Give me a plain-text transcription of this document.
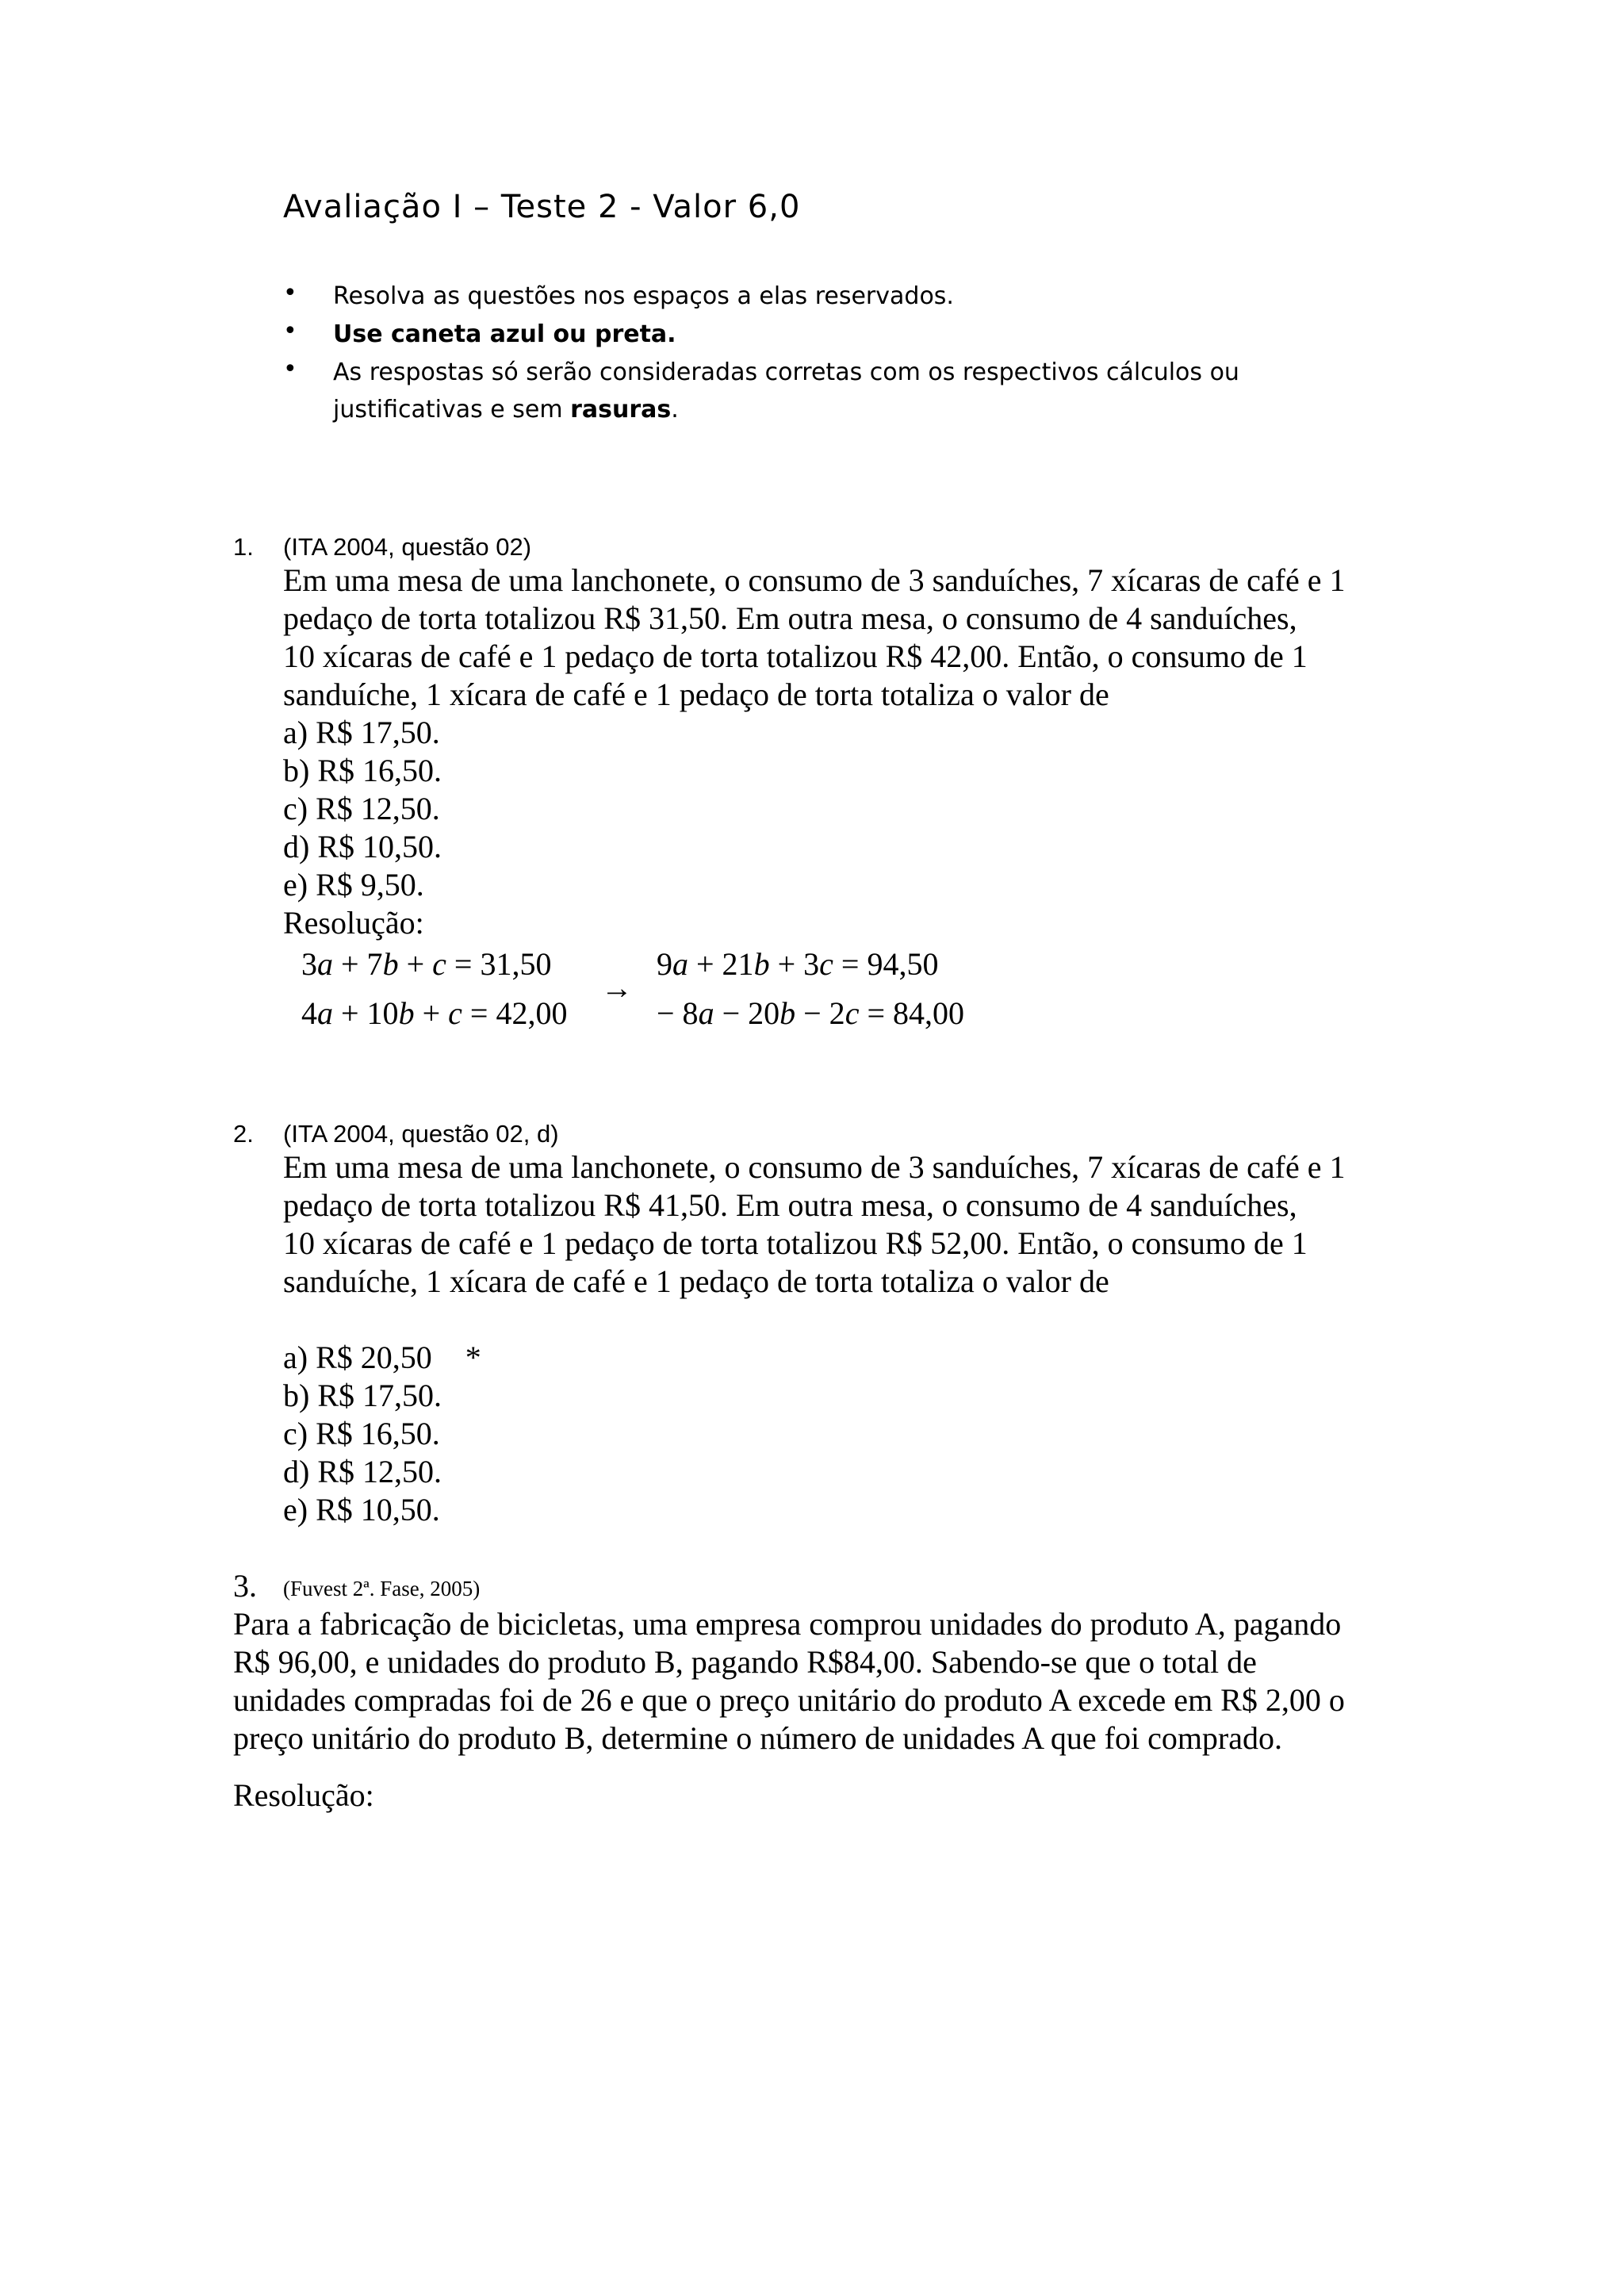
Avaliação I – Teste 2 - Valor 6,0
• Resolva as questões nos espaços a elas reservados.
• Use caneta azul ou preta.
• As respostas só serão consideradas corretas com os respectivos cálculos ou
justificativas e sem rasuras.
1. (ITA 2004, questão 02)
Em uma mesa de uma lanchonete, o consumo de 3 sanduíches, 7 xícaras de café e 1
pedaço de torta totalizou R$ 31,50. Em outra mesa, o consumo de 4 sanduíches,
10 xícaras de café e 1 pedaço de torta totalizou R$ 42,00. Então, o consumo de 1
sanduíche, 1 xícara de café e 1 pedaço de torta totaliza o valor de
a) R$ 17,50.
b) R$ 16,50.
c) R$ 12,50.
d) R$ 10,50.
e) R$ 9,50.
Resolução:
3a + 7b + c = 31,50
4a + 10b + c = 42,00
→
9a + 21b + 3c = 94,50
− 8a − 20b − 2c = 84,00
2. (ITA 2004, questão 02, d)
Em uma mesa de uma lanchonete, o consumo de 3 sanduíches, 7 xícaras de café e 1
pedaço de torta totalizou R$ 41,50. Em outra mesa, o consumo de 4 sanduíches,
10 xícaras de café e 1 pedaço de torta totalizou R$ 52,00. Então, o consumo de 1
sanduíche, 1 xícara de café e 1 pedaço de torta totaliza o valor de
a) R$ 20,50 *
b) R$ 17,50.
c) R$ 16,50.
d) R$ 12,50.
e) R$ 10,50.
3. (Fuvest 2ª. Fase, 2005)
Para a fabricação de bicicletas, uma empresa comprou unidades do produto A, pagando
R$ 96,00, e unidades do produto B, pagando R$84,00. Sabendo-se que o total de
unidades compradas foi de 26 e que o preço unitário do produto A excede em R$ 2,00 o
preço unitário do produto B, determine o número de unidades A que foi comprado.
Resolução:
